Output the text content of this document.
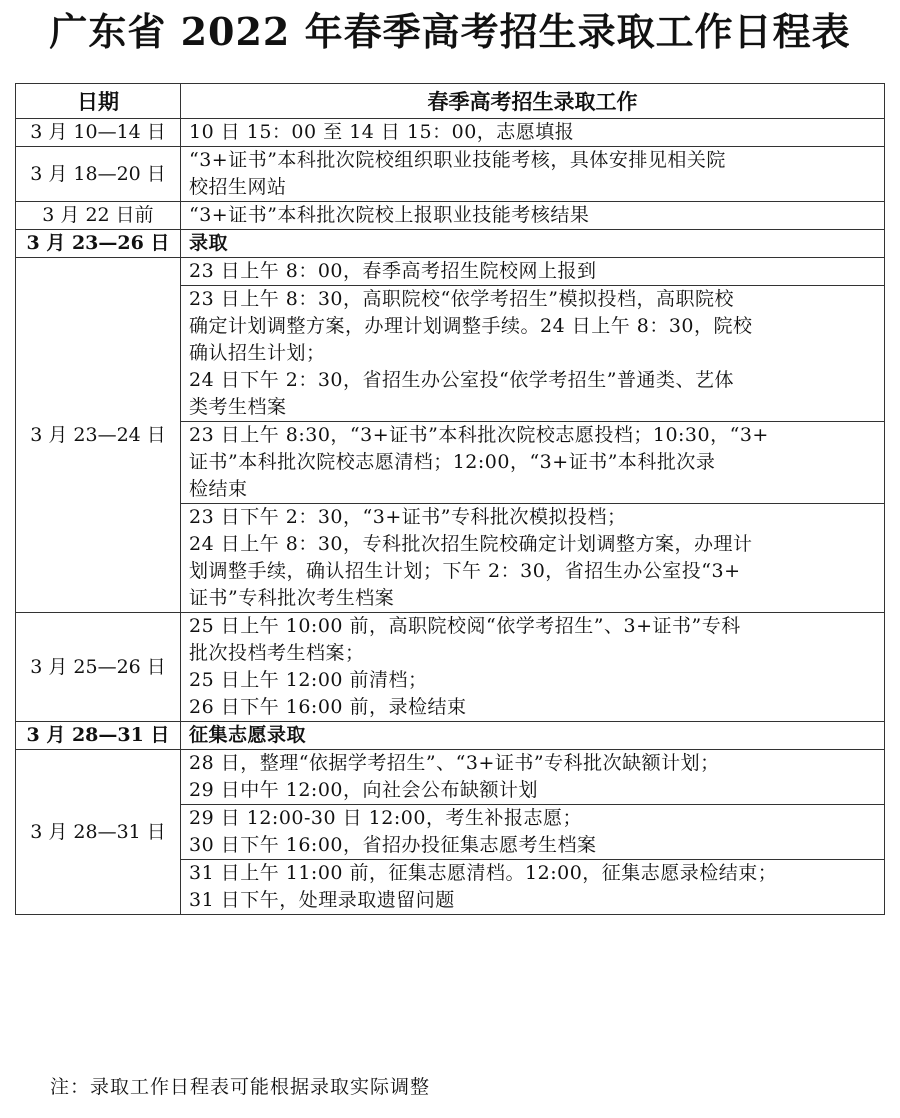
广东省 2022 年春季高考招生录取工作日程表
日期	春季高考招生录取工作
3 月 10—14 日	10 日 15：00 至 14 日 15：00，志愿填报

3 月 18—20 日	“3+证书”本科批次院校组织职业技能考核，具体安排见相关院
校招生网站

3 月 22 日前	“3+证书”本科批次院校上报职业技能考核结果

3 月 23—26 日	录取

3 月 23—24 日	23 日上午 8：00，春季高考招生院校网上报到

	23 日上午 8：30，高职院校“依学考招生”模拟投档，高职院校
确定计划调整方案，办理计划调整手续。24 日上午 8：30，院校
确认招生计划；
24 日下午 2：30，省招生办公室投“依学考招生”普通类、艺体
类考生档案

	23 日上午 8:30，“3+证书”本科批次院校志愿投档；10:30，“3+
证书”本科批次院校志愿清档；12:00，“3+证书”本科批次录
检结束

	23 日下午 2：30，“3+证书”专科批次模拟投档；
24 日上午 8：30，专科批次招生院校确定计划调整方案，办理计
划调整手续，确认招生计划；下午 2：30，省招生办公室投“3+
证书”专科批次考生档案

3 月 25—26 日	25 日上午 10:00 前，高职院校阅“依学考招生”、3+证书”专科
批次投档考生档案；
25 日上午 12:00 前清档；
26 日下午 16:00 前，录检结束

3 月 28—31 日	征集志愿录取

3 月 28—31 日	28 日，整理“依据学考招生”、“3+证书”专科批次缺额计划；
29 日中午 12:00，向社会公布缺额计划

	29 日 12:00-30 日 12:00，考生补报志愿；
30 日下午 16:00，省招办投征集志愿考生档案

	31 日上午 11:00 前，征集志愿清档。12:00，征集志愿录检结束；
31 日下午，处理录取遗留问题
注：录取工作日程表可能根据录取实际调整
